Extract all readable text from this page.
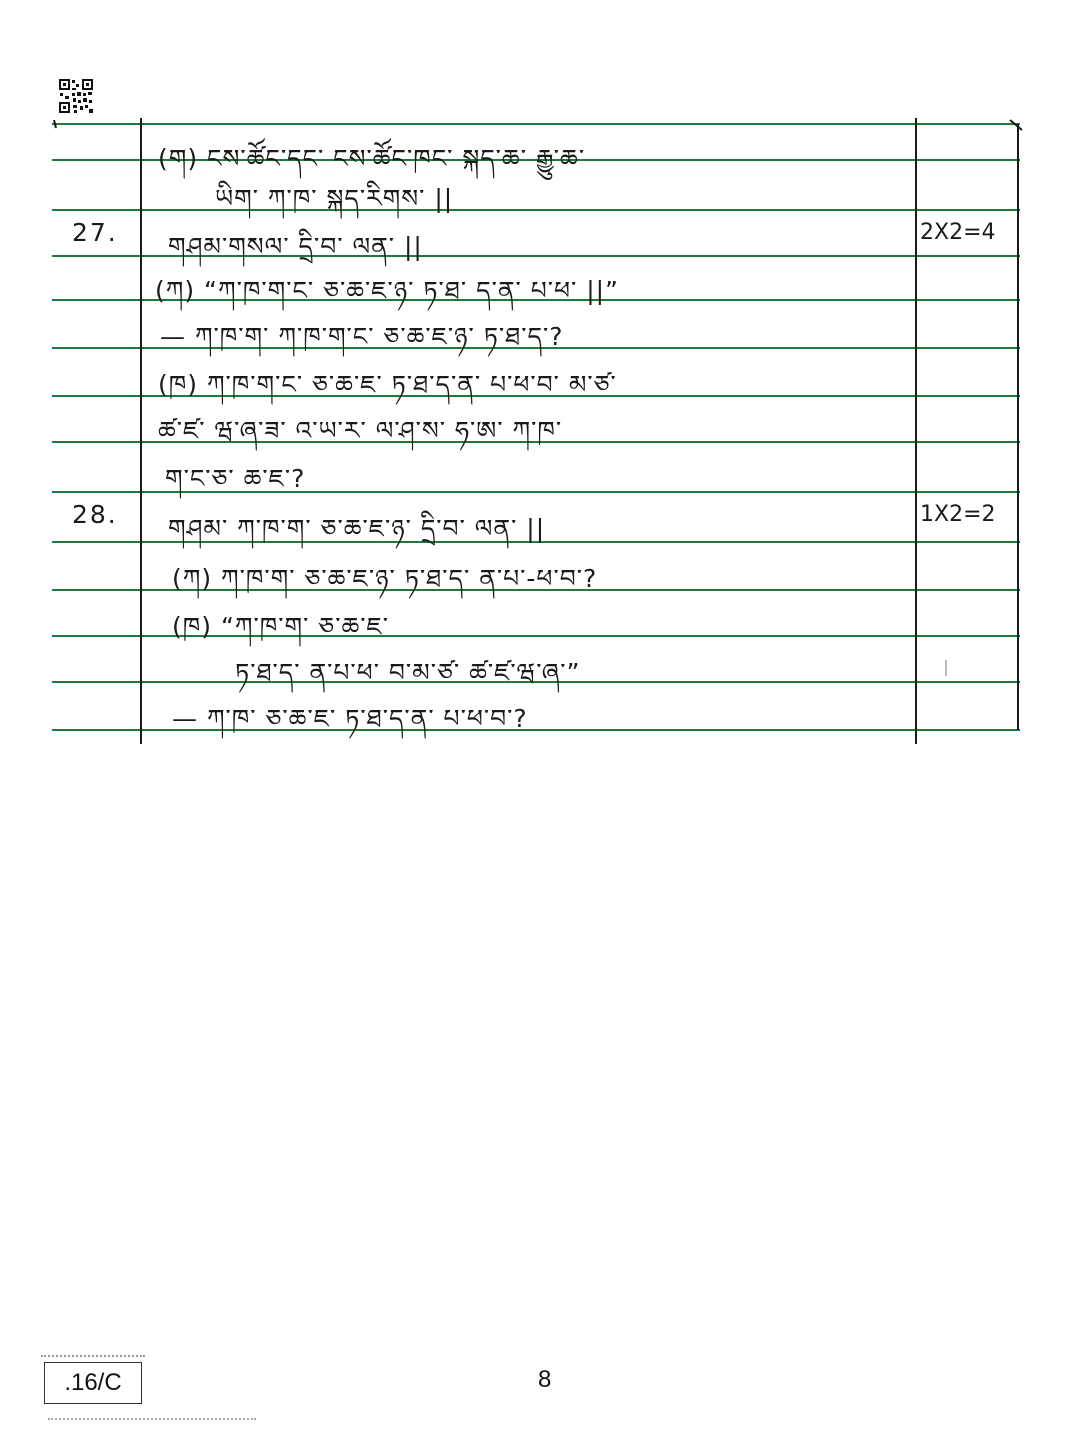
(ག) ངས་ཚོང་དང་ ངས་ཚོང་ཁང་ སྐད་ཆ་ རྒྱུ་ཆ་
ཡིག་ ཀ་ཁ་ སྐད་རིགས་ ||
27. གཤམ་གསལ་ དྲི་བ་ ལན་ ||	2X2=4
(ཀ) “ཀ་ཁ་ག་ང་ ཅ་ཆ་ཇ་ཉ་ ཏ་ཐ་ ད་ན་ པ་ཕ་ ||”
— ཀ་ཁ་ག་ ཀ་ཁ་ག་ང་ ཅ་ཆ་ཇ་ཉ་ ཏ་ཐ་ད་?
(ཁ) ཀ་ཁ་ག་ང་ ཅ་ཆ་ཇ་ ཏ་ཐ་ད་ན་ པ་ཕ་བ་ མ་ཙ་
ཚ་ཛ་ ཝ་ཞ་ཟ་ འ་ཡ་ར་ ལ་ཤ་ས་ ཧ་ཨ་ ཀ་ཁ་
ག་ང་ཅ་ ཆ་ཇ་?
28. གཤམ་ ཀ་ཁ་ག་ ཅ་ཆ་ཇ་ཉ་ དྲི་བ་ ལན་ ||	1X2=2
(ཀ) ཀ་ཁ་ག་ ཅ་ཆ་ཇ་ཉ་ ཏ་ཐ་ད་ ན་པ་-ཕ་བ་?
(ཁ) “ཀ་ཁ་ག་ ཅ་ཆ་ཇ་
ཏ་ཐ་ད་ ན་པ་ཕ་ བ་མ་ཙ་ ཚ་ཛ་ཝ་ཞ་”
— ཀ་ཁ་ ཅ་ཆ་ཇ་ ཏ་ཐ་ད་ན་ པ་ཕ་བ་?
.16/C	8
